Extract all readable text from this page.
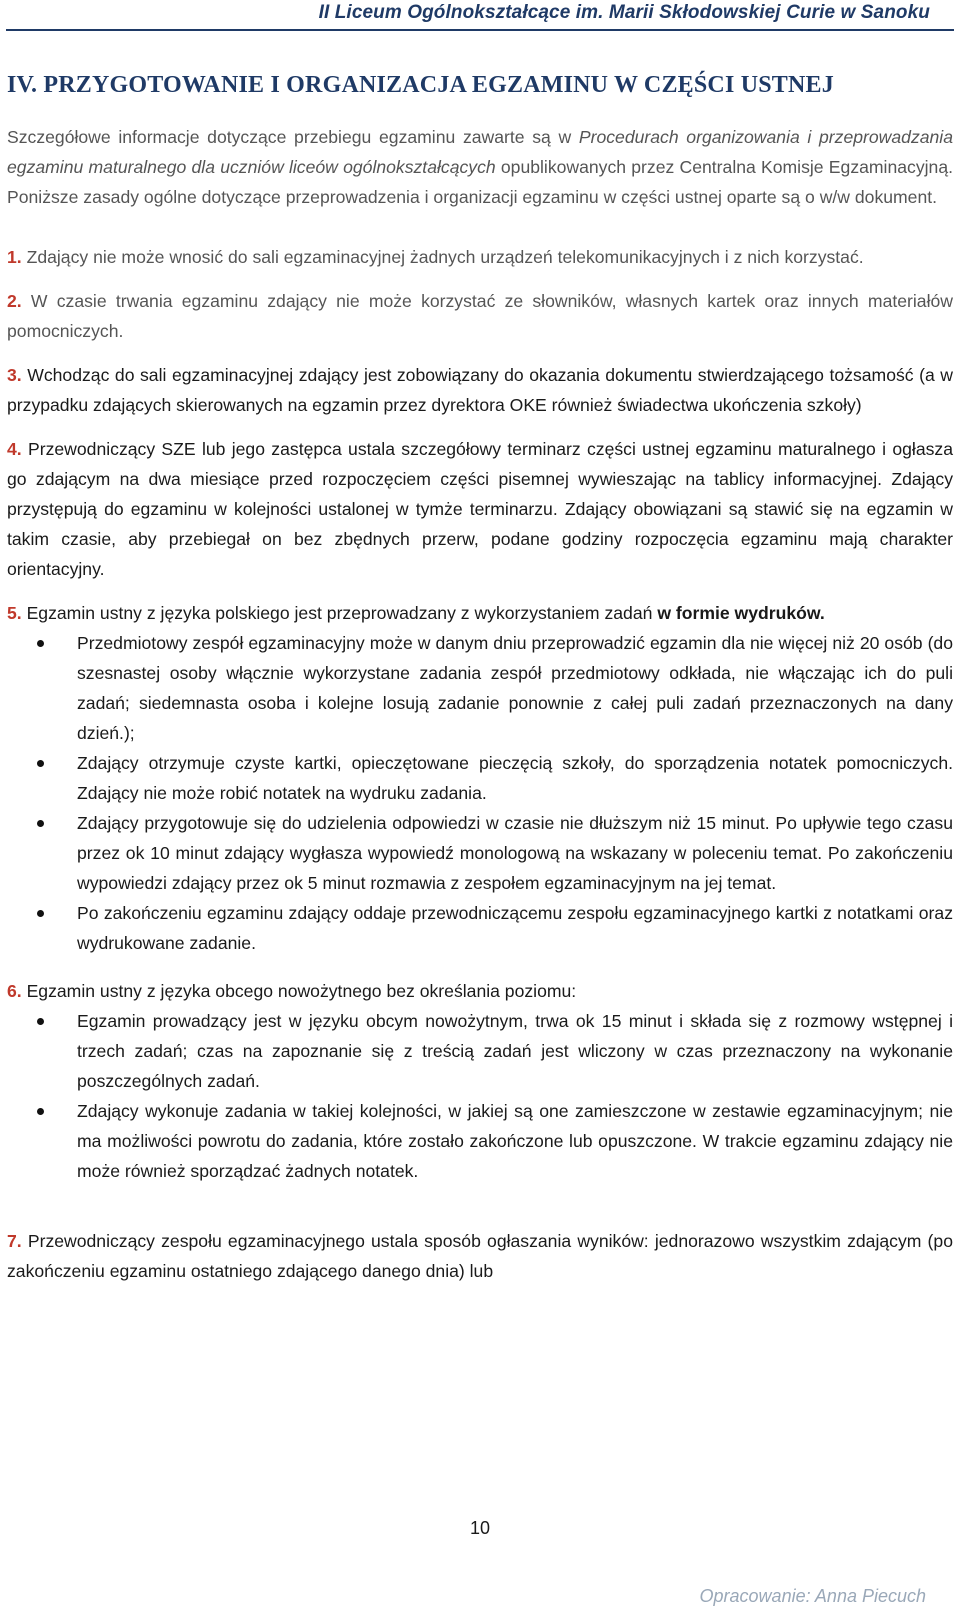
II Liceum Ogólnokształcące im. Marii Skłodowskiej Curie w Sanoku
IV. PRZYGOTOWANIE I ORGANIZACJA EGZAMINU W CZĘŚCI USTNEJ

Szczegółowe informacje dotyczące przebiegu egzaminu zawarte są w Procedurach organizowania i przeprowadzania egzaminu maturalnego dla uczniów liceów ogólnokształcących opublikowanych przez Centralna Komisje Egzaminacyjną. Poniższe zasady ogólne dotyczące przeprowadzenia i organizacji egzaminu w części ustnej oparte są o w/w dokument.

1. Zdający nie może wnosić do sali egzaminacyjnej żadnych urządzeń telekomunikacyjnych i z nich korzystać.

2. W czasie trwania egzaminu zdający nie może korzystać ze słowników, własnych kartek oraz innych materiałów pomocniczych.

3. Wchodząc do sali egzaminacyjnej zdający jest zobowiązany do okazania dokumentu stwierdzającego tożsamość (a w przypadku zdających skierowanych na egzamin przez dyrektora OKE również świadectwa ukończenia szkoły)

4. Przewodniczący SZE lub jego zastępca ustala szczegółowy terminarz części ustnej egzaminu maturalnego i ogłasza go zdającym na dwa miesiące przed rozpoczęciem części pisemnej wywieszając na tablicy informacyjnej. Zdający przystępują do egzaminu w kolejności ustalonej w tymże terminarzu. Zdający obowiązani są stawić się na egzamin w takim czasie, aby przebiegał on bez zbędnych przerw, podane godziny rozpoczęcia egzaminu mają charakter orientacyjny.

5. Egzamin ustny z języka polskiego jest przeprowadzany z wykorzystaniem zadań w formie wydruków.

Przedmiotowy zespół egzaminacyjny może w danym dniu przeprowadzić egzamin dla nie więcej niż 20 osób (do szesnastej osoby włącznie wykorzystane zadania zespół przedmiotowy odkłada, nie włączając ich do puli zadań; siedemnasta osoba i kolejne losują zadanie ponownie z całej puli zadań przeznaczonych na dany dzień.);
Zdający otrzymuje czyste kartki, opieczętowane pieczęcią szkoły, do sporządzenia notatek pomocniczych. Zdający nie może robić notatek na wydruku zadania.
Zdający przygotowuje się do udzielenia odpowiedzi w czasie nie dłuższym niż 15 minut. Po upływie tego czasu przez ok 10 minut zdający wygłasza wypowiedź monologową na wskazany w poleceniu temat. Po zakończeniu wypowiedzi zdający przez ok 5 minut rozmawia z zespołem egzaminacyjnym na jej temat.
Po zakończeniu egzaminu zdający oddaje przewodniczącemu zespołu egzaminacyjnego kartki z notatkami oraz wydrukowane zadanie.

6. Egzamin ustny z języka obcego nowożytnego bez określania poziomu:

Egzamin prowadzący jest w języku obcym nowożytnym, trwa ok 15 minut i składa się z rozmowy wstępnej i trzech zadań; czas na zapoznanie się z treścią zadań jest wliczony w czas przeznaczony na wykonanie poszczególnych zadań.
Zdający wykonuje zadania w takiej kolejności, w jakiej są one zamieszczone w zestawie egzaminacyjnym; nie ma możliwości powrotu do zadania, które zostało zakończone lub opuszczone. W trakcie egzaminu zdający nie może również sporządzać żadnych notatek.

7. Przewodniczący zespołu egzaminacyjnego ustala sposób ogłaszania wyników: jednorazowo wszystkim zdającym (po zakończeniu egzaminu ostatniego zdającego danego dnia) lub

10
Opracowanie: Anna Piecuch
